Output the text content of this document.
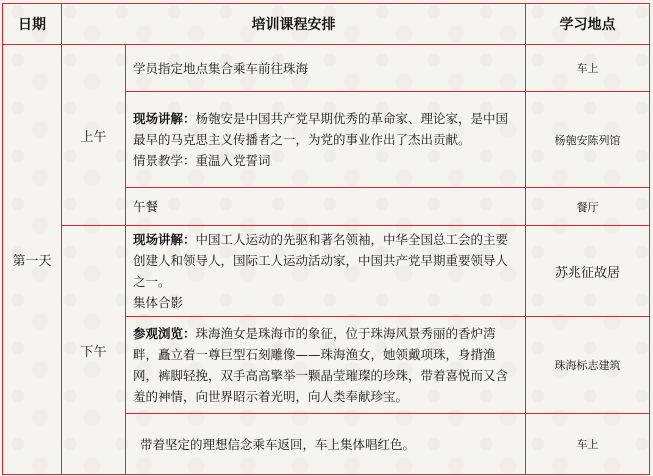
日期	培训课程安排		学习地点
第一天	上午	学员指定地点集合乘车前往珠海	车上
		现场讲解：杨匏安是中国共产党早期优秀的革命家、理论家，是中国最早的马克思主义传播者之一，为党的事业作出了杰出贡献。
情景教学：重温入党誓词	杨匏安陈列馆
		午餐	餐厅
	下午	现场讲解：中国工人运动的先驱和著名领袖，中华全国总工会的主要创建人和领导人，国际工人运动活动家，中国共产党早期重要领导人之一。
集体合影	苏兆征故居
		参观浏览：珠海渔女是珠海市的象征，位于珠海风景秀丽的香炉湾畔，矗立着一尊巨型石刻雕像——珠海渔女，她领戴项珠，身揹渔网，裤脚轻挽，双手高高擎举一颗晶莹璀璨的珍珠，带着喜悦而又含羞的神情，向世界昭示着光明，向人类奉献珍宝。	珠海标志建筑
		带着坚定的理想信念乘车返回，车上集体唱红色。	车上
